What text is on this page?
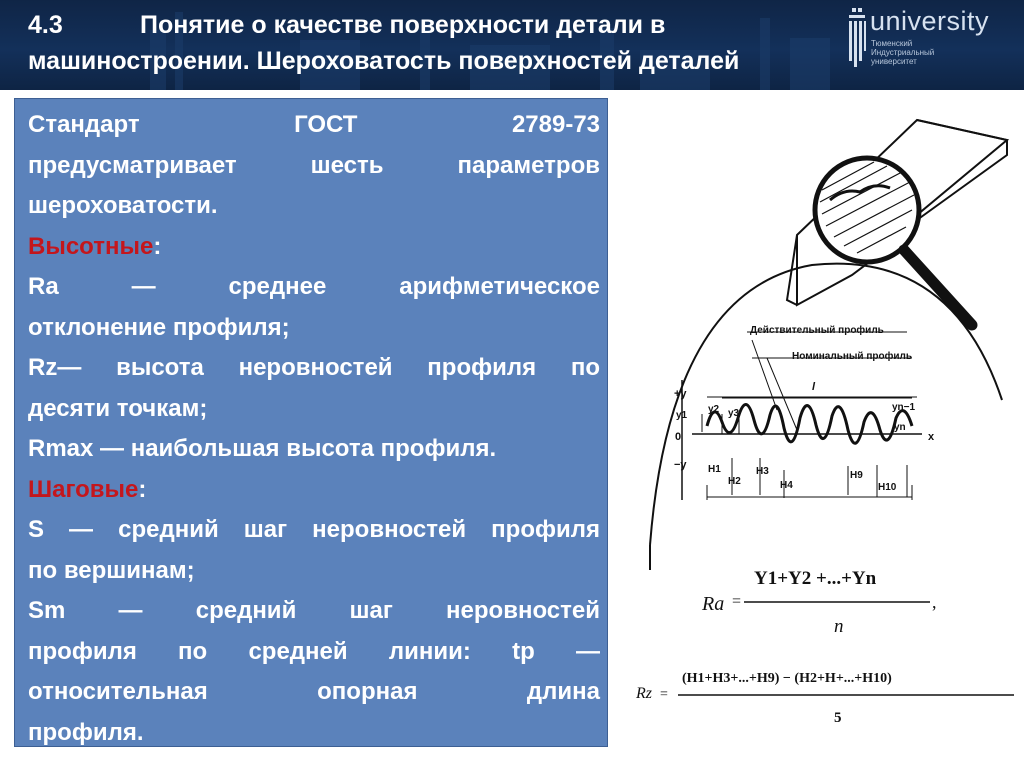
4.3	Понятие о качестве поверхности детали в
машиностроении. Шероховатость поверхностей деталей
university
Тюменский
Индустриальный
университет

Стандарт	ГОСТ	2789-73

предусматривает шесть параметров

шероховатости.

Высотные:

Ra — среднее арифметическое

отклонение профиля;

Rz— высота неровностей профиля по

десяти точкам;

Rmax — наибольшая высота профиля.

Шаговые:

S — средний шаг неровностей профиля

по вершинам;

Sm — средний шаг неровностей

профиля по средней линии: tp —

относительная опорная длина

профиля.

Действительный профиль
Номинальный профиль
+y
−y
0	x
l
y1
y2 y3
yn−1
yn
H1
H2
H3
H4
H9
H10
Ra =
Y1+Y2 +...+Yn
,
n
Rz =
(H1+H3+...+H9) − (H2+H+...+H10)
5
